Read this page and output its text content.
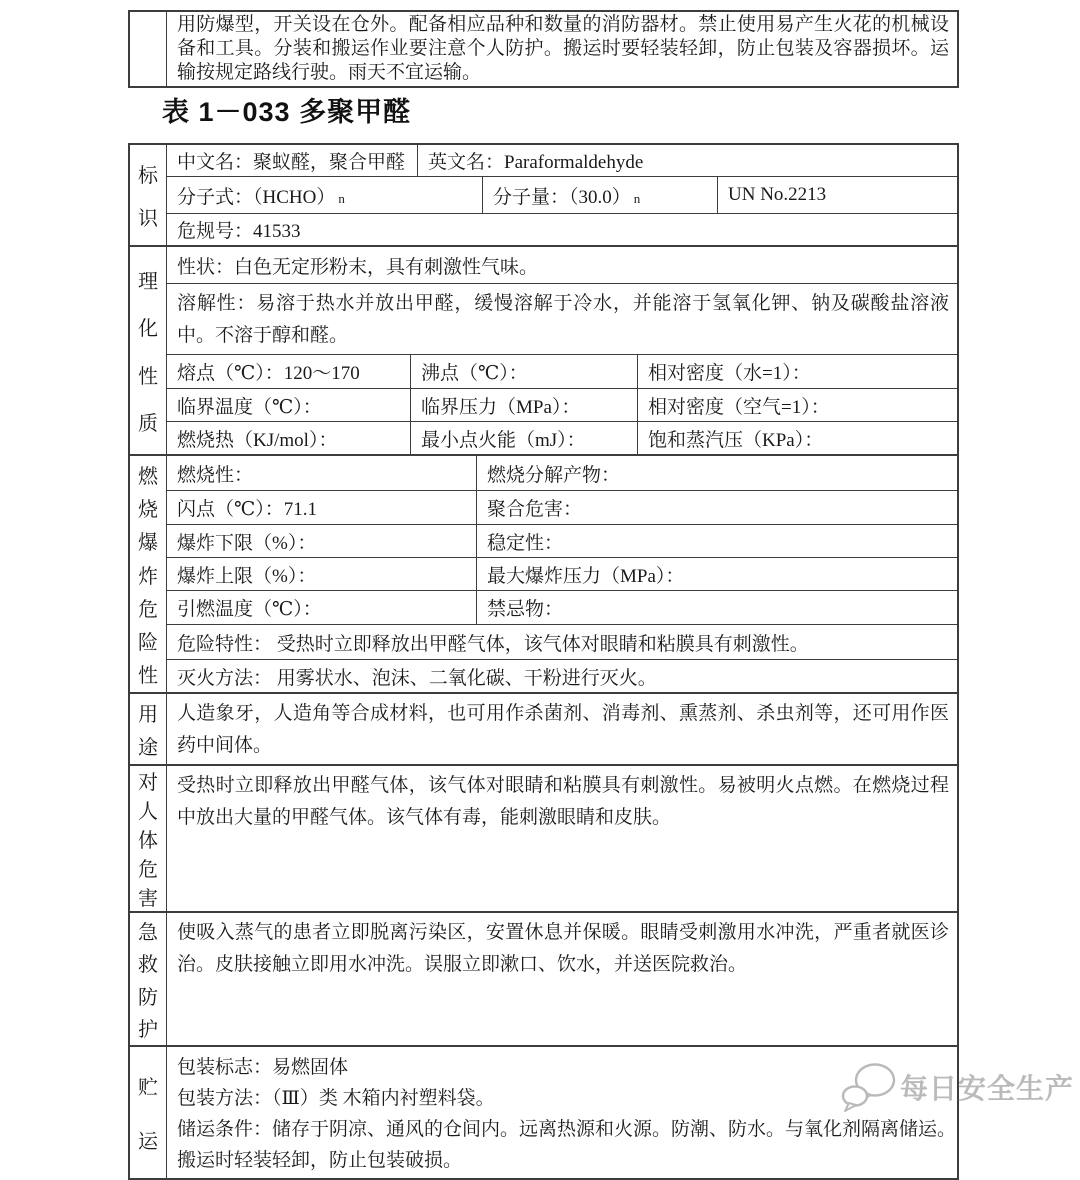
用防爆型，开关设在仓外。配备相应品种和数量的消防器材。禁止使用易产生火花的机械设备和工具。分装和搬运作业要注意个人防护。搬运时要轻装轻卸，防止包装及容器损坏。运输按规定路线行驶。雨天不宜运输。
表 1－033 多聚甲醛
标
识
中文名：聚蚁醛，聚合甲醛	英文名：Paraformaldehyde
分子式：（HCHO） n	分子量：（30.0） n	UN No.2213
危规号：41533
理
化
性
质
性状：白色无定形粉末，具有刺激性气味。
溶解性：易溶于热水并放出甲醛，缓慢溶解于冷水，并能溶于氢氧化钾、钠及碳酸盐溶液中。不溶于醇和醛。
熔点（℃）：120～170	沸点（℃）：	相对密度（水=1）：
临界温度（℃）：	临界压力（MPa）：	相对密度（空气=1）：
燃烧热（KJ/mol）：	最小点火能（mJ）：	饱和蒸汽压（KPa）：
燃
烧
爆
炸
危
险
性
燃烧性：	燃烧分解产物：
闪点（℃）：71.1	聚合危害：
爆炸下限（%）：	稳定性：
爆炸上限（%）：	最大爆炸压力（MPa）：
引燃温度（℃）：	禁忌物：
危险特性： 受热时立即释放出甲醛气体，该气体对眼睛和粘膜具有刺激性。
灭火方法： 用雾状水、泡沫、二氧化碳、干粉进行灭火。
用
途
人造象牙，人造角等合成材料，也可用作杀菌剂、消毒剂、熏蒸剂、杀虫剂等，还可用作医药中间体。
对
人
体
危
害
受热时立即释放出甲醛气体，该气体对眼睛和粘膜具有刺激性。易被明火点燃。在燃烧过程中放出大量的甲醛气体。该气体有毒，能刺激眼睛和皮肤。
急
救
防
护
使吸入蒸气的患者立即脱离污染区，安置休息并保暖。眼睛受刺激用水冲洗，严重者就医诊治。皮肤接触立即用水冲洗。误服立即漱口、饮水，并送医院救治。
贮
运
包装标志：易燃固体
包装方法：（Ⅲ）类 木箱内衬塑料袋。
储运条件：储存于阴凉、通风的仓间内。远离热源和火源。防潮、防水。与氧化剂隔离储运。
搬运时轻装轻卸，防止包装破损。
每日安全生产
